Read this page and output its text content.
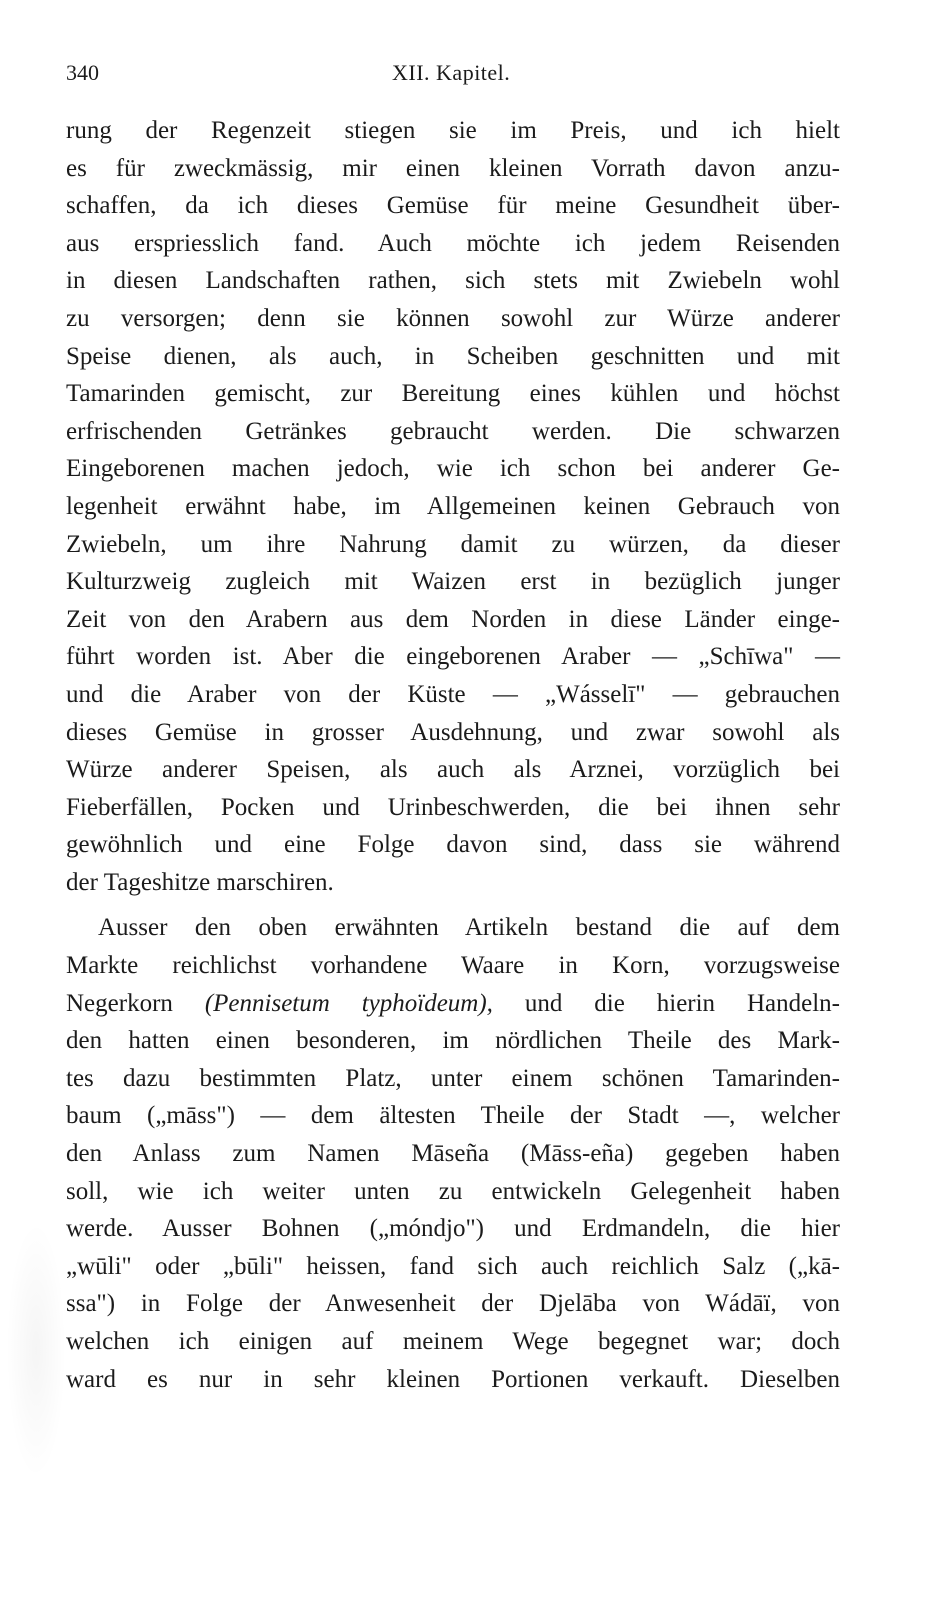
340	XII. Kapitel.
rung der Regenzeit stiegen sie im Preis, und ich hielt
es für zweckmässig, mir einen kleinen Vorrath davon anzu-
schaffen, da ich dieses Gemüse für meine Gesundheit über-
aus erspriesslich fand. Auch möchte ich jedem Reisenden
in diesen Landschaften rathen, sich stets mit Zwiebeln wohl
zu versorgen; denn sie können sowohl zur Würze anderer
Speise dienen, als auch, in Scheiben geschnitten und mit
Tamarinden gemischt, zur Bereitung eines kühlen und höchst
erfrischenden Getränkes gebraucht werden. Die schwarzen
Eingeborenen machen jedoch, wie ich schon bei anderer Ge-
legenheit erwähnt habe, im Allgemeinen keinen Gebrauch von
Zwiebeln, um ihre Nahrung damit zu würzen, da dieser
Kulturzweig zugleich mit Waizen erst in bezüglich junger
Zeit von den Arabern aus dem Norden in diese Länder einge-
führt worden ist. Aber die eingeborenen Araber — „Schīwa" —
und die Araber von der Küste — „Wásselī" — gebrauchen
dieses Gemüse in grosser Ausdehnung, und zwar sowohl als
Würze anderer Speisen, als auch als Arznei, vorzüglich bei
Fieberfällen, Pocken und Urinbeschwerden, die bei ihnen sehr
gewöhnlich und eine Folge davon sind, dass sie während
der Tageshitze marschiren.
Ausser den oben erwähnten Artikeln bestand die auf dem
Markte reichlichst vorhandene Waare in Korn, vorzugsweise
Negerkorn (Pennisetum typhoïdeum), und die hierin Handeln-
den hatten einen besonderen, im nördlichen Theile des Mark-
tes dazu bestimmten Platz, unter einem schönen Tamarinden-
baum („māss") — dem ältesten Theile der Stadt —, welcher
den Anlass zum Namen Māseña (Māss-eña) gegeben haben
soll, wie ich weiter unten zu entwickeln Gelegenheit haben
werde. Ausser Bohnen („móndjo") und Erdmandeln, die hier
„wūli" oder „būli" heissen, fand sich auch reichlich Salz („kā-
ssa") in Folge der Anwesenheit der Djelāba von Wádāï, von
welchen ich einigen auf meinem Wege begegnet war; doch
ward es nur in sehr kleinen Portionen verkauft. Dieselben
